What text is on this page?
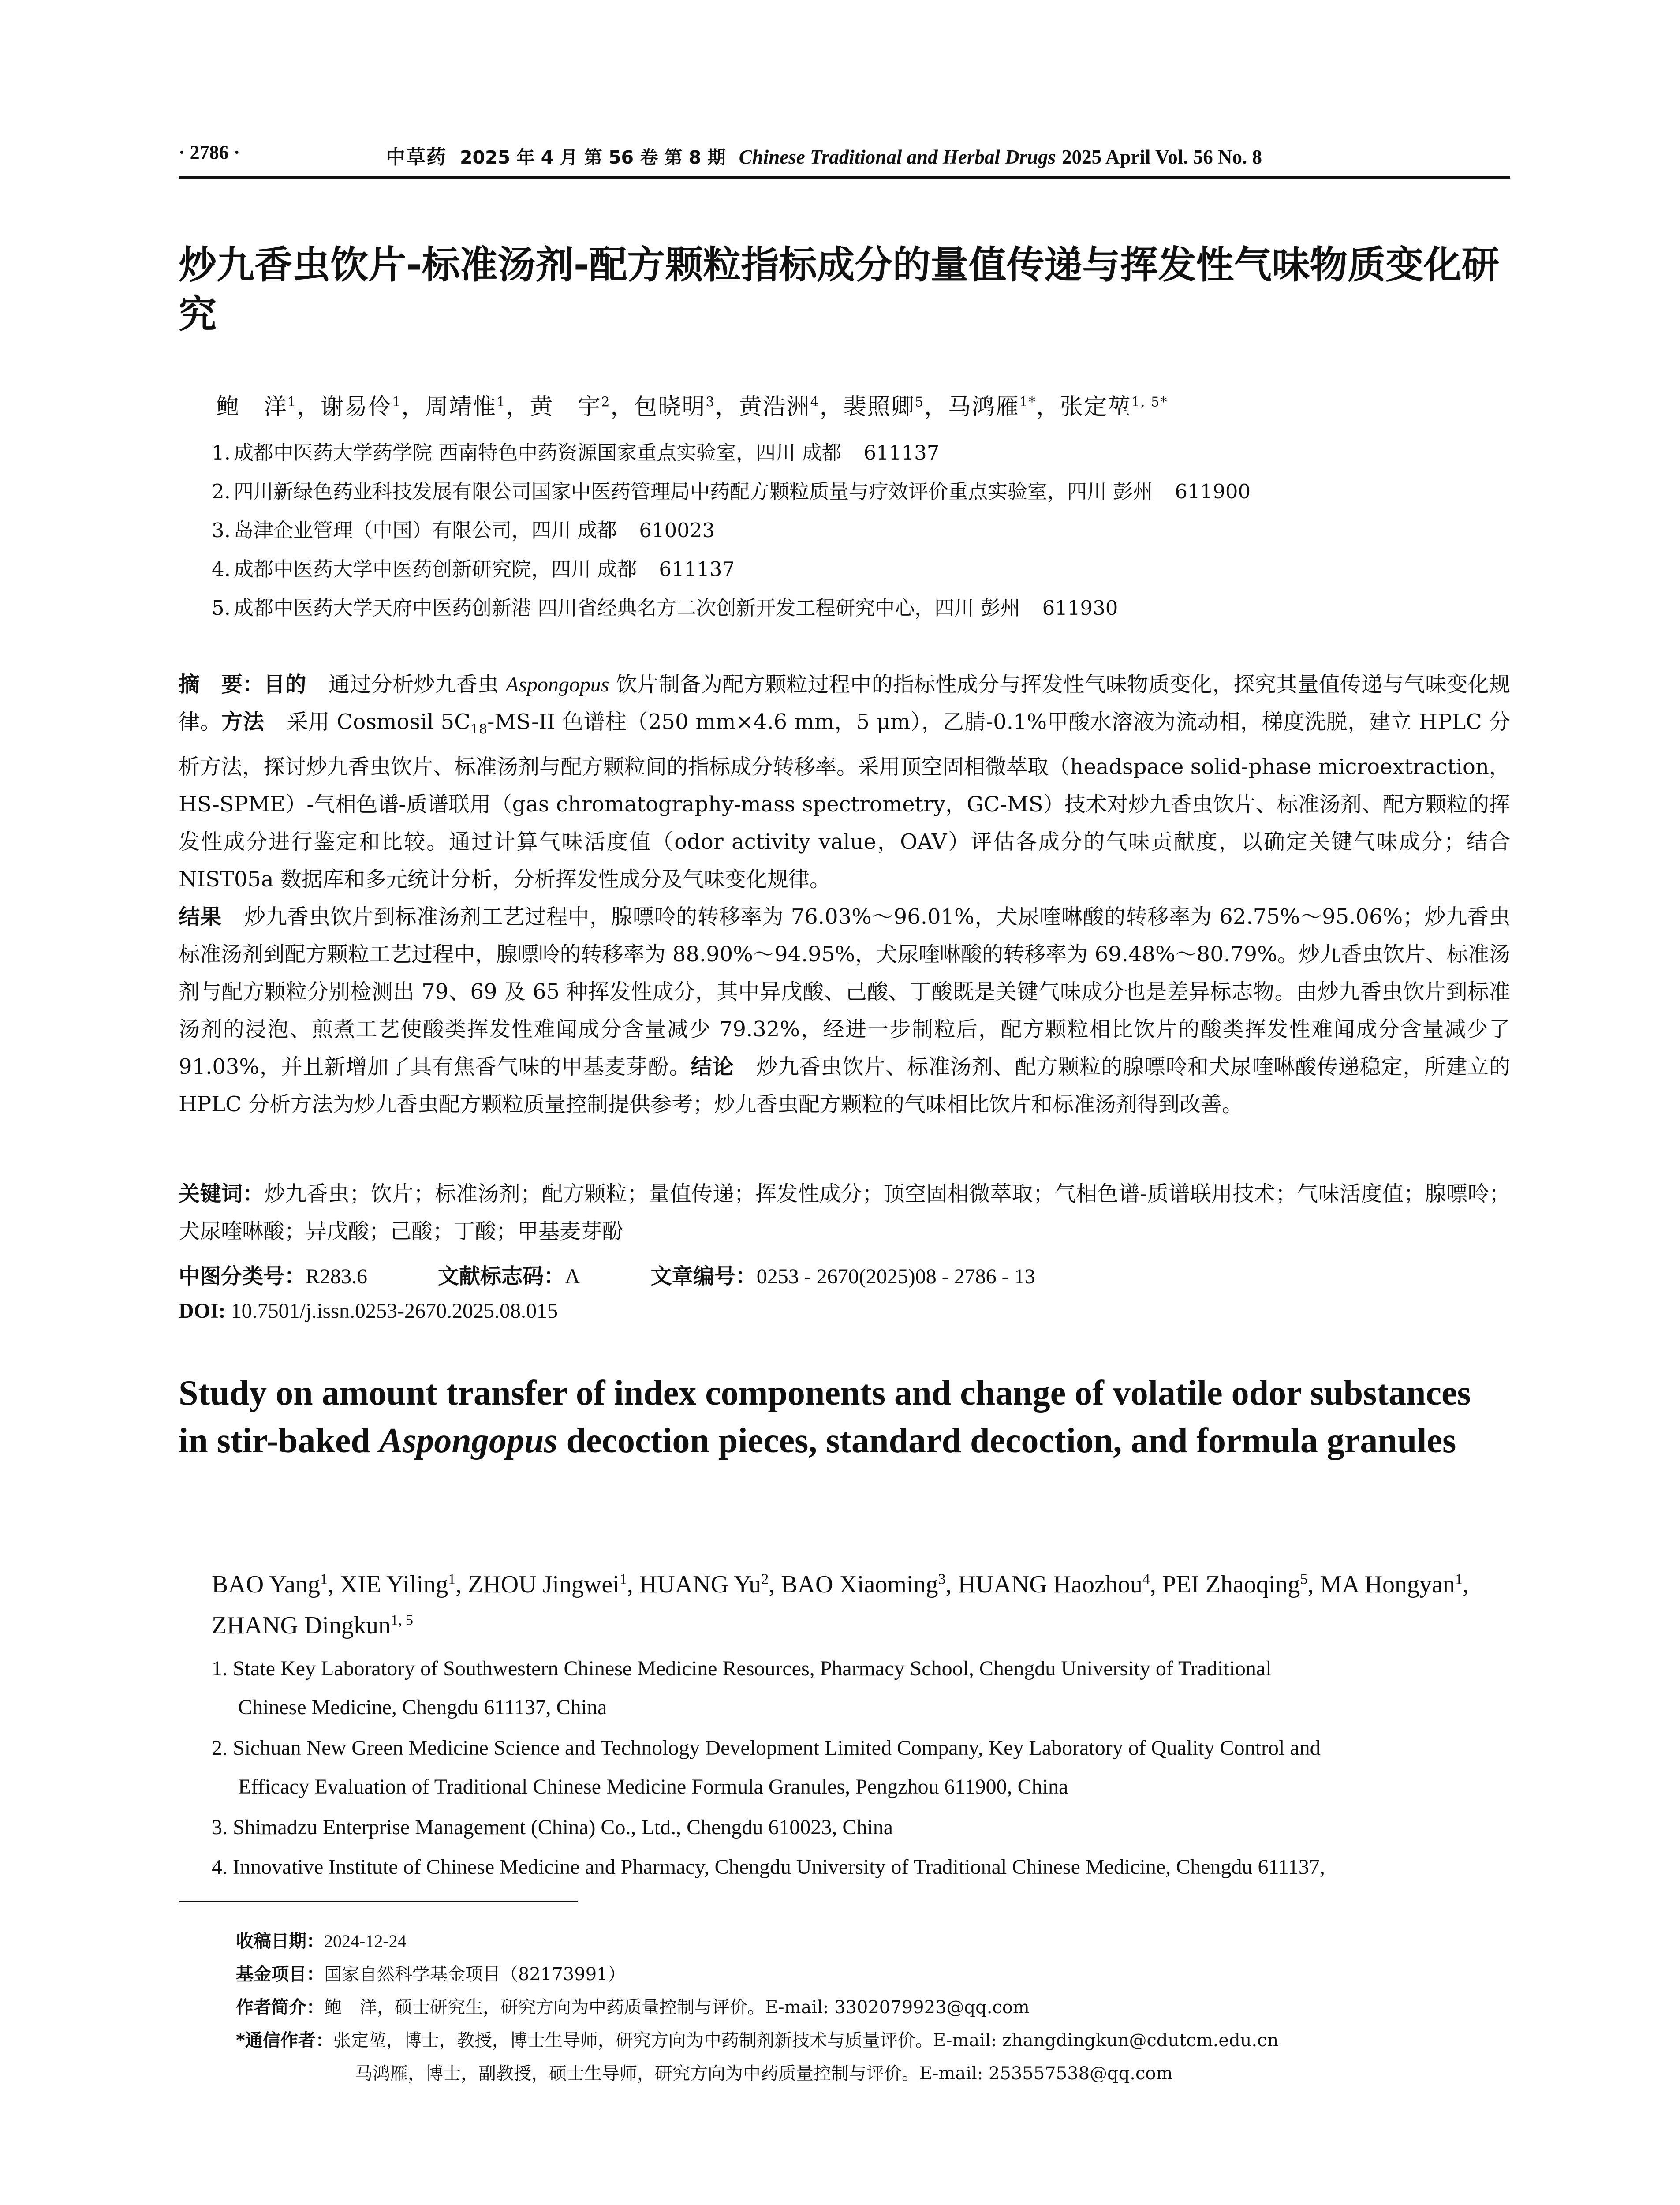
· 2786 ·	中草药 2025 年 4 月 第 56 卷 第 8 期 Chinese Traditional and Herbal Drugs 2025 April Vol. 56 No. 8
炒九香虫饮片-标准汤剂-配方颗粒指标成分的量值传递与挥发性气味物质变化研究
鲍　洋$^1$，谢易伶$^1$，周靖惟$^1$，黄　宇$^2$，包晓明$^3$，黄浩洲$^4$，裴照卿$^5$，马鸿雁$^{1*}$，张定堃$^{1, 5*}$
1. 成都中医药大学药学院 西南特色中药资源国家重点实验室，四川 成都 611137
2. 四川新绿色药业科技发展有限公司国家中医药管理局中药配方颗粒质量与疗效评价重点实验室，四川 彭州 611900
3. 岛津企业管理（中国）有限公司，四川 成都 610023
4. 成都中医药大学中医药创新研究院，四川 成都 611137
5. 成都中医药大学天府中医药创新港 四川省经典名方二次创新开发工程研究中心，四川 彭州 611930
摘　要：目的 通过分析炒九香虫 Aspongopus 饮片制备为配方颗粒过程中的指标性成分与挥发性气味物质变化，探究其量值传递与气味变化规律。方法 采用 Cosmosil $5C_{18}-MS-II$ 色谱柱（250 mm×4.6 mm，5 μm），乙腈-0.1%甲酸水溶液为流动相，梯度洗脱，建立 HPLC 分析方法，探讨炒九香虫饮片、标准汤剂与配方颗粒间的指标成分转移率。采用顶空固相微萃取（headspace solid-phase microextraction，HS-SPME）-气相色谱-质谱联用（gas chromatography-mass spectrometry，GC-MS）技术对炒九香虫饮片、标准汤剂、配方颗粒的挥发性成分进行鉴定和比较。通过计算气味活度值（odor activity value，OAV）评估各成分的气味贡献度，以确定关键气味成分；结合 NIST05a 数据库和多元统计分析，分析挥发性成分及气味变化规律。
结果 炒九香虫饮片到标准汤剂工艺过程中，腺嘌呤的转移率为 76.03%～96.01%，犬尿喹啉酸的转移率为 62.75%～95.06%；炒九香虫标准汤剂到配方颗粒工艺过程中，腺嘌呤的转移率为 88.90%～94.95%，犬尿喹啉酸的转移率为 69.48%～80.79%。炒九香虫饮片、标准汤剂与配方颗粒分别检测出 79、69 及 65 种挥发性成分，其中异戊酸、己酸、丁酸既是关键气味成分也是差异标志物。由炒九香虫饮片到标准汤剂的浸泡、煎煮工艺使酸类挥发性难闻成分含量减少 79.32%，经进一步制粒后，配方颗粒相比饮片的酸类挥发性难闻成分含量减少了 91.03%，并且新增加了具有焦香气味的甲基麦芽酚。结论 炒九香虫饮片、标准汤剂、配方颗粒的腺嘌呤和犬尿喹啉酸传递稳定，所建立的 HPLC 分析方法为炒九香虫配方颗粒质量控制提供参考；炒九香虫配方颗粒的气味相比饮片和标准汤剂得到改善。
关键词：炒九香虫；饮片；标准汤剂；配方颗粒；量值传递；挥发性成分；顶空固相微萃取；气相色谱-质谱联用技术；气味活度值；腺嘌呤；犬尿喹啉酸；异戊酸；己酸；丁酸；甲基麦芽酚
中图分类号：R283.6	文献标志码：A	文章编号：0253 - 2670(2025)08 - 2786 - 13
DOI: 10.7501/j.issn.0253-2670.2025.08.015
Study on amount transfer of index components and change of volatile odor substances in stir-baked Aspongopus decoction pieces, standard decoction, and formula granules
BAO Yang$^1$, XIE Yiling$^1$, ZHOU Jingwei$^1$, HUANG Yu$^2$, BAO Xiaoming$^3$, HUANG Haozhou$^4$, PEI Zhaoqing$^5$, MA Hongyan$^1$, ZHANG Dingkun$^{1, 5}$
1. State Key Laboratory of Southwestern Chinese Medicine Resources, Pharmacy School, Chengdu University of Traditional
Chinese Medicine, Chengdu 611137, China
2. Sichuan New Green Medicine Science and Technology Development Limited Company, Key Laboratory of Quality Control and
Efficacy Evaluation of Traditional Chinese Medicine Formula Granules, Pengzhou 611900, China
3. Shimadzu Enterprise Management (China) Co., Ltd., Chengdu 610023, China
4. Innovative Institute of Chinese Medicine and Pharmacy, Chengdu University of Traditional Chinese Medicine, Chengdu 611137,
收稿日期：2024-12-24
基金项目：国家自然科学基金项目（82173991）
作者简介：鲍　洋，硕士研究生，研究方向为中药质量控制与评价。E-mail: 3302079923@qq.com
*通信作者：张定堃，博士，教授，博士生导师，研究方向为中药制剂新技术与质量评价。E-mail: zhangdingkun@cdutcm.edu.cn
马鸿雁，博士，副教授，硕士生导师，研究方向为中药质量控制与评价。E-mail: 253557538@qq.com
